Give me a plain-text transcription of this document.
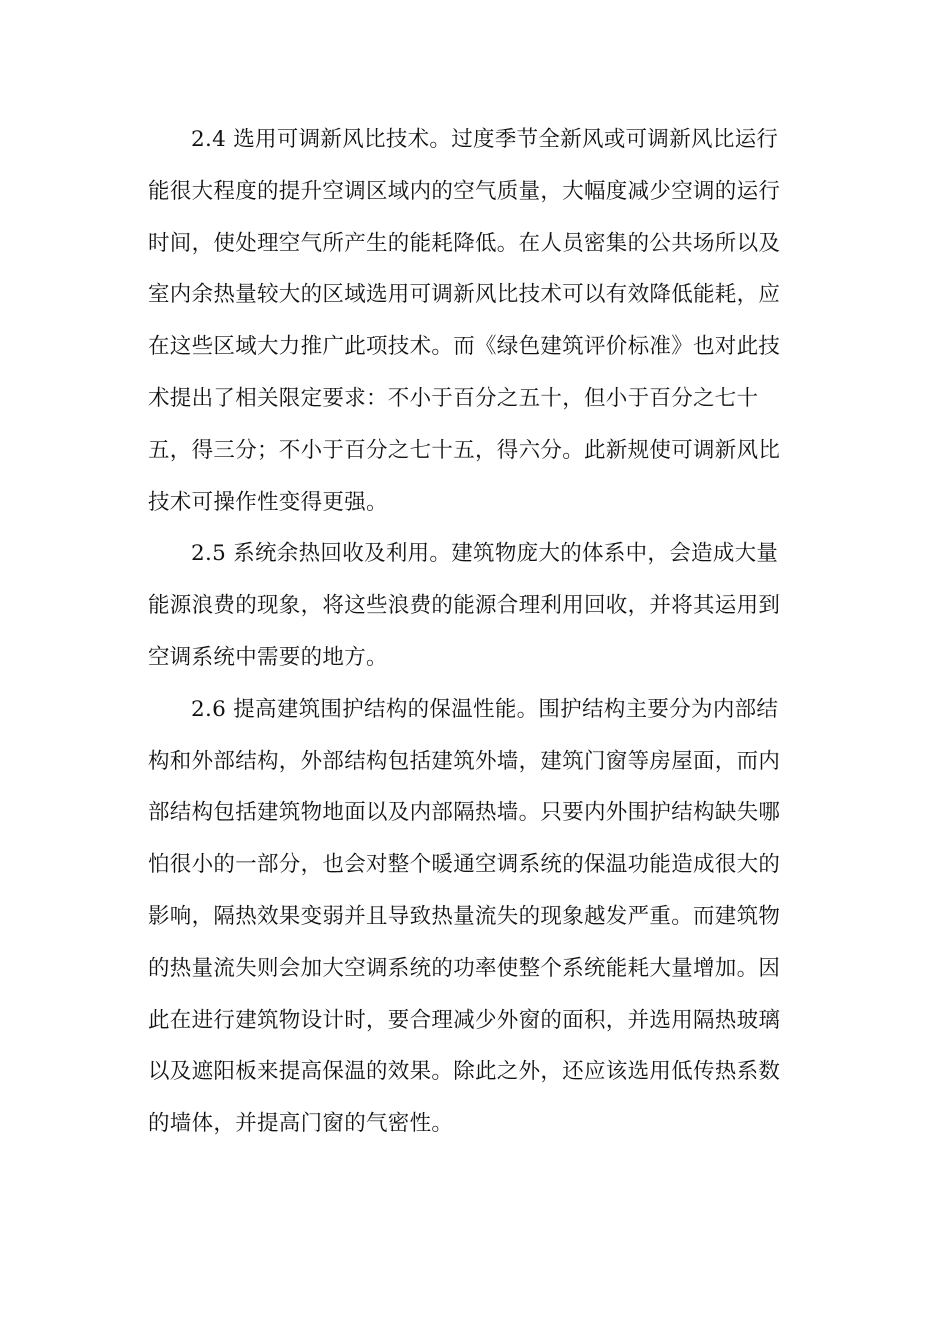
2.4 选用可调新风比技术。过度季节全新风或可调新风比运行
能很大程度的提升空调区域内的空气质量，大幅度减少空调的运行
时间，使处理空气所产生的能耗降低。在人员密集的公共场所以及
室内余热量较大的区域选用可调新风比技术可以有效降低能耗，应
在这些区域大力推广此项技术。而《绿色建筑评价标准》也对此技
术提出了相关限定要求：不小于百分之五十，但小于百分之七十
五，得三分；不小于百分之七十五，得六分。此新规使可调新风比
技术可操作性变得更强。
2.5 系统余热回收及利用。建筑物庞大的体系中，会造成大量
能源浪费的现象，将这些浪费的能源合理利用回收，并将其运用到
空调系统中需要的地方。
2.6 提高建筑围护结构的保温性能。围护结构主要分为内部结
构和外部结构，外部结构包括建筑外墙，建筑门窗等房屋面，而内
部结构包括建筑物地面以及内部隔热墙。只要内外围护结构缺失哪
怕很小的一部分，也会对整个暖通空调系统的保温功能造成很大的
影响，隔热效果变弱并且导致热量流失的现象越发严重。而建筑物
的热量流失则会加大空调系统的功率使整个系统能耗大量增加。因
此在进行建筑物设计时，要合理减少外窗的面积，并选用隔热玻璃
以及遮阳板来提高保温的效果。除此之外，还应该选用低传热系数
的墙体，并提高门窗的气密性。
